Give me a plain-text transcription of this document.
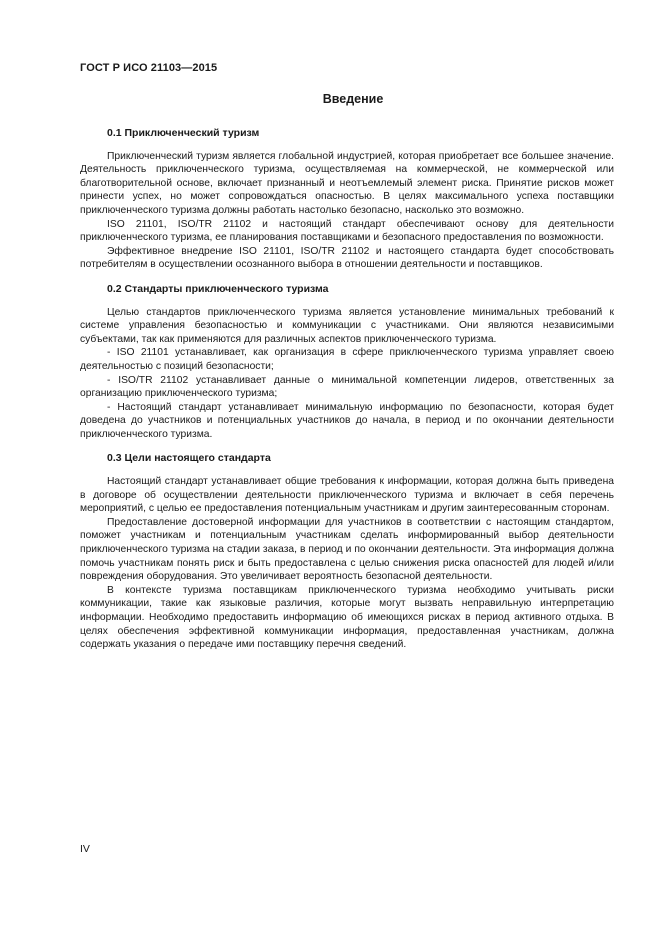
ГОСТ Р ИСО 21103—2015
Введение
0.1 Приключенческий туризм

Приключенческий туризм является глобальной индустрией, которая приобретает все большее значение. Деятельность приключенческого туризма, осуществляемая на коммерческой, не коммерческой или благотворительной основе, включает признанный и неотъемлемый элемент риска. Принятие рисков может принести успех, но может сопровождаться опасностью. В целях максимального успеха поставщики приключенческого туризма должны работать настолько безопасно, насколько это возможно.

ISO 21101, ISO/TR 21102 и настоящий стандарт обеспечивают основу для деятельности приключенческого туризма, ее планирования поставщиками и безопасного предоставления по возможности.

Эффективное внедрение ISO 21101, ISO/TR 21102 и настоящего стандарта будет способствовать потребителям в осуществлении осознанного выбора в отношении деятельности и поставщиков.

0.2 Стандарты приключенческого туризма

Целью стандартов приключенческого туризма является установление минимальных требований к системе управления безопасностью и коммуникации с участниками. Они являются независимыми субъектами, так как применяются для различных аспектов приключенческого туризма.

- ISO 21101 устанавливает, как организация в сфере приключенческого туризма управляет своею деятельностью с позиций безопасности;

- ISO/TR 21102 устанавливает данные о минимальной компетенции лидеров, ответственных за организацию приключенческого туризма;

- Настоящий стандарт устанавливает минимальную информацию по безопасности, которая будет доведена до участников и потенциальных участников до начала, в период и по окончании деятельности приключенческого туризма.

0.3 Цели настоящего стандарта

Настоящий стандарт устанавливает общие требования к информации, которая должна быть приведена в договоре об осуществлении деятельности приключенческого туризма и включает в себя перечень мероприятий, с целью ее предоставления потенциальным участникам и другим заинтересованным сторонам.

Предоставление достоверной информации для участников в соответствии с настоящим стандартом, поможет участникам и потенциальным участникам сделать информированный выбор деятельности приключенческого туризма на стадии заказа, в период и по окончании деятельности. Эта информация должна помочь участникам понять риск и быть предоставлена с целью снижения риска опасностей для людей и/или повреждения оборудования. Это увеличивает вероятность безопасной деятельности.

В контексте туризма поставщикам приключенческого туризма необходимо учитывать риски коммуникации, такие как языковые различия, которые могут вызвать неправильную интерпретацию информации. Необходимо предоставить информацию об имеющихся рисках в период активного отдыха. В целях обеспечения эффективной коммуникации информация, предоставленная участникам, должна содержать указания о передаче ими поставщику перечня сведений.

IV
